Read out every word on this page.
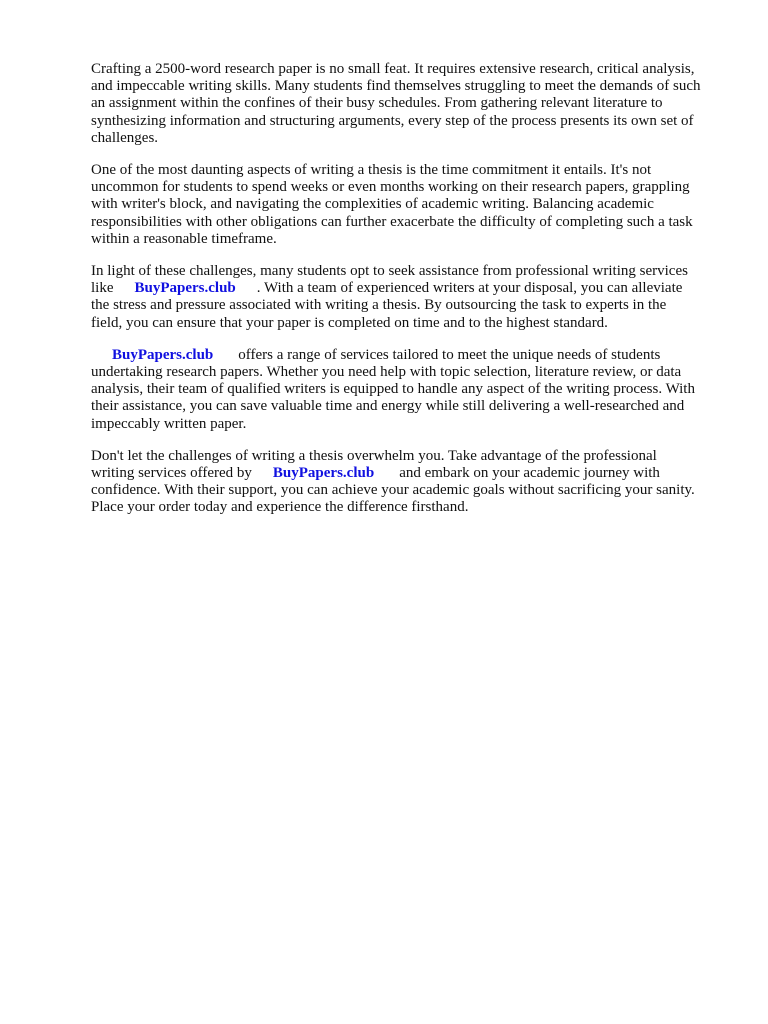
Crafting a 2500-word research paper is no small feat. It requires extensive research, critical analysis,
and impeccable writing skills. Many students find themselves struggling to meet the demands of such
an assignment within the confines of their busy schedules. From gathering relevant literature to
synthesizing information and structuring arguments, every step of the process presents its own set of
challenges.

One of the most daunting aspects of writing a thesis is the time commitment it entails. It's not
uncommon for students to spend weeks or even months working on their research papers, grappling
with writer's block, and navigating the complexities of academic writing. Balancing academic
responsibilities with other obligations can further exacerbate the difficulty of completing such a task
within a reasonable timeframe.

In light of these challenges, many students opt to seek assistance from professional writing services
like BuyPapers.club . With a team of experienced writers at your disposal, you can alleviate
the stress and pressure associated with writing a thesis. By outsourcing the task to experts in the
field, you can ensure that your paper is completed on time and to the highest standard.

BuyPapers.club offers a range of services tailored to meet the unique needs of students
undertaking research papers. Whether you need help with topic selection, literature review, or data
analysis, their team of qualified writers is equipped to handle any aspect of the writing process. With
their assistance, you can save valuable time and energy while still delivering a well-researched and
impeccably written paper.

Don't let the challenges of writing a thesis overwhelm you. Take advantage of the professional
writing services offered by BuyPapers.club and embark on your academic journey with
confidence. With their support, you can achieve your academic goals without sacrificing your sanity.
Place your order today and experience the difference firsthand.
